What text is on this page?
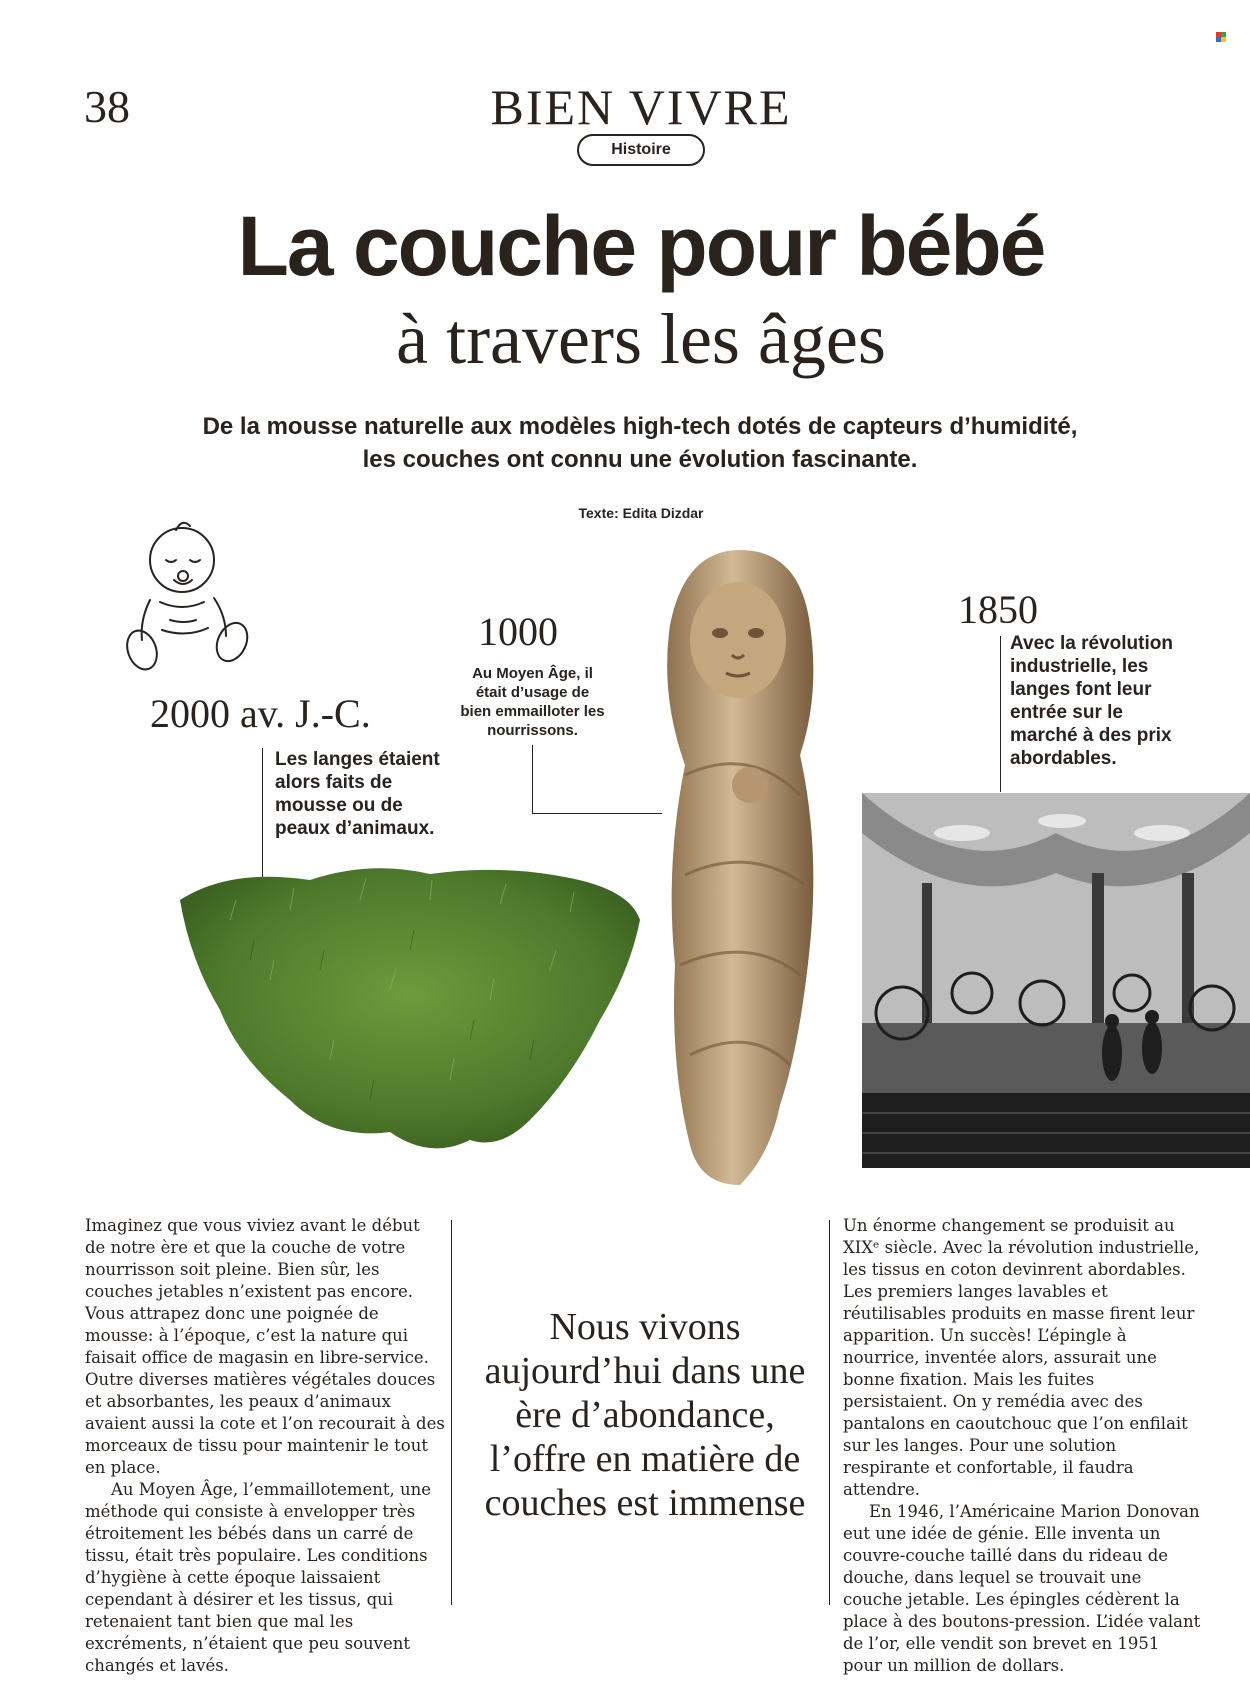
38	BIEN VIVRE
Histoire
La couche pour bébé
à travers les âges
De la mousse naturelle aux modèles high-tech dotés de capteurs d’humidité, les couches ont connu une évolution fascinante.
Texte: Edita Dizdar
2000 av. J.-C.
Les langes étaient alors faits de mousse ou de peaux d’animaux.
1000
Au Moyen Âge, il était d’usage de bien emmailloter les nourrissons.
1850
Avec la révolution industrielle, les langes font leur entrée sur le marché à des prix abordables.

Imaginez que vous viviez avant le début de notre ère et que la couche de votre nourrisson soit pleine. Bien sûr, les couches jetables n’existent pas encore. Vous attrapez donc une poignée de mousse: à l’époque, c’est la nature qui faisait office de magasin en libre-service. Outre diverses matières végétales douces et absorbantes, les peaux d’animaux avaient aussi la cote et l’on recourait à des morceaux de tissu pour maintenir le tout en place.

Au Moyen Âge, l’emmaillotement, une méthode qui consiste à envelopper très étroitement les bébés dans un carré de tissu, était très populaire. Les conditions d’hygiène à cette époque laissaient cependant à désirer et les tissus, qui retenaient tant bien que mal les excréments, n’étaient que peu souvent changés et lavés.

Nous vivons aujourd’hui dans une ère d’abondance, l’offre en matière de couches est immense

Un énorme changement se produisit au XIXᵉ siècle. Avec la révolution industrielle, les tissus en coton devinrent abordables. Les premiers langes lavables et réutilisables produits en masse firent leur apparition. Un succès! L’épingle à nourrice, inventée alors, assurait une bonne fixation. Mais les fuites persistaient. On y remédia avec des pantalons en caoutchouc que l’on enfilait sur les langes. Pour une solution respirante et confortable, il faudra attendre.

En 1946, l’Américaine Marion Donovan eut une idée de génie. Elle inventa un couvre-couche taillé dans du rideau de douche, dans lequel se trouvait une couche jetable. Les épingles cédèrent la place à des boutons-pression. L’idée valant de l’or, elle vendit son brevet en 1951 pour un million de dollars.
